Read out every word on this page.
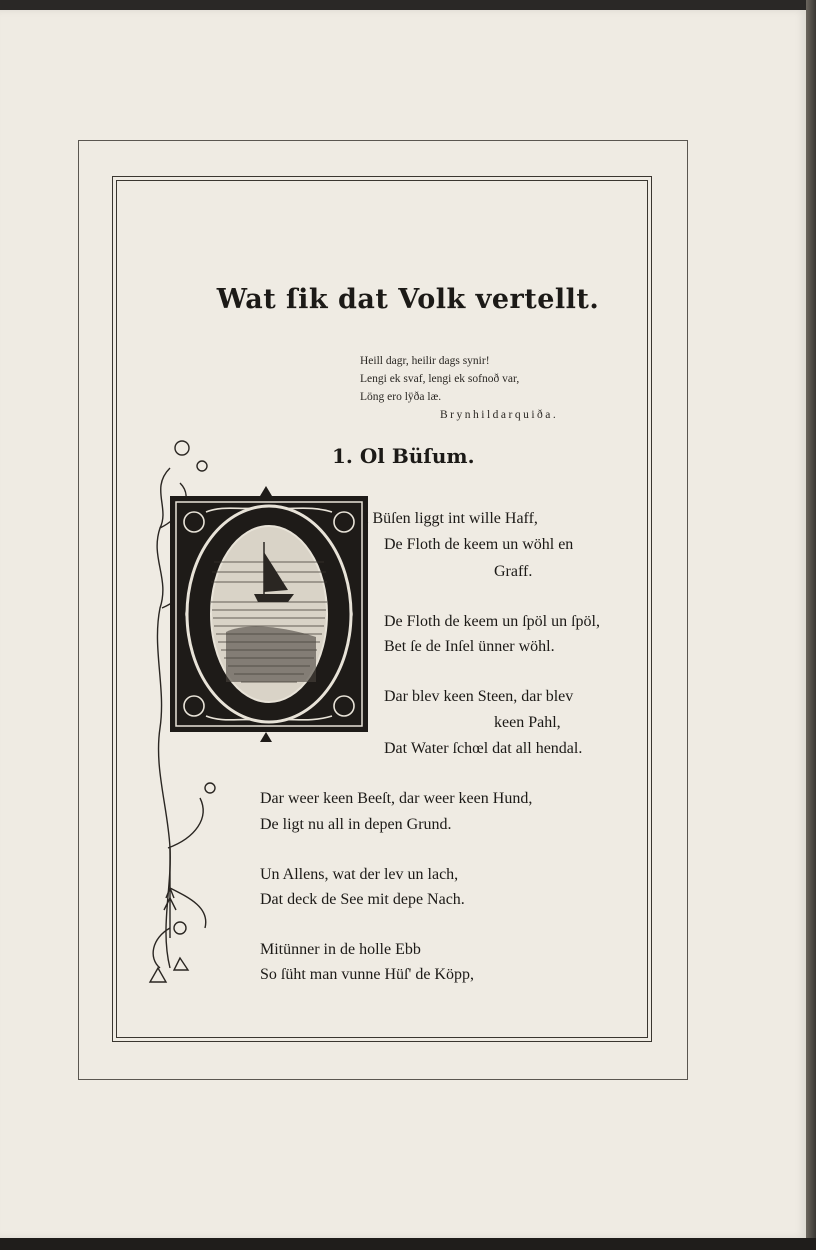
Wat ſik dat Volk vertellt.
Heill dagr, heilir dags synir!
Lengi ek svaf, lengi ek sofnoð var,
Löng ero lÿða læ.
Brynhildarquiða.
1. Ol Büſum.
l Büſen liggt int wille Haff,
De Floth de keem un wöhl en
Graff.
De Floth de keem un ſpöl un ſpöl,
Bet ſe de Inſel ünner wöhl.
Dar blev keen Steen, dar blev
keen Pahl,
Dat Water ſchœl dat all hendal.
Dar weer keen Beeſt, dar weer keen Hund,
De ligt nu all in depen Grund.
Un Allens, wat der lev un lach,
Dat deck de See mit depe Nach.
Mitünner in de holle Ebb
So ſüht man vunne Hüſ' de Köpp,
